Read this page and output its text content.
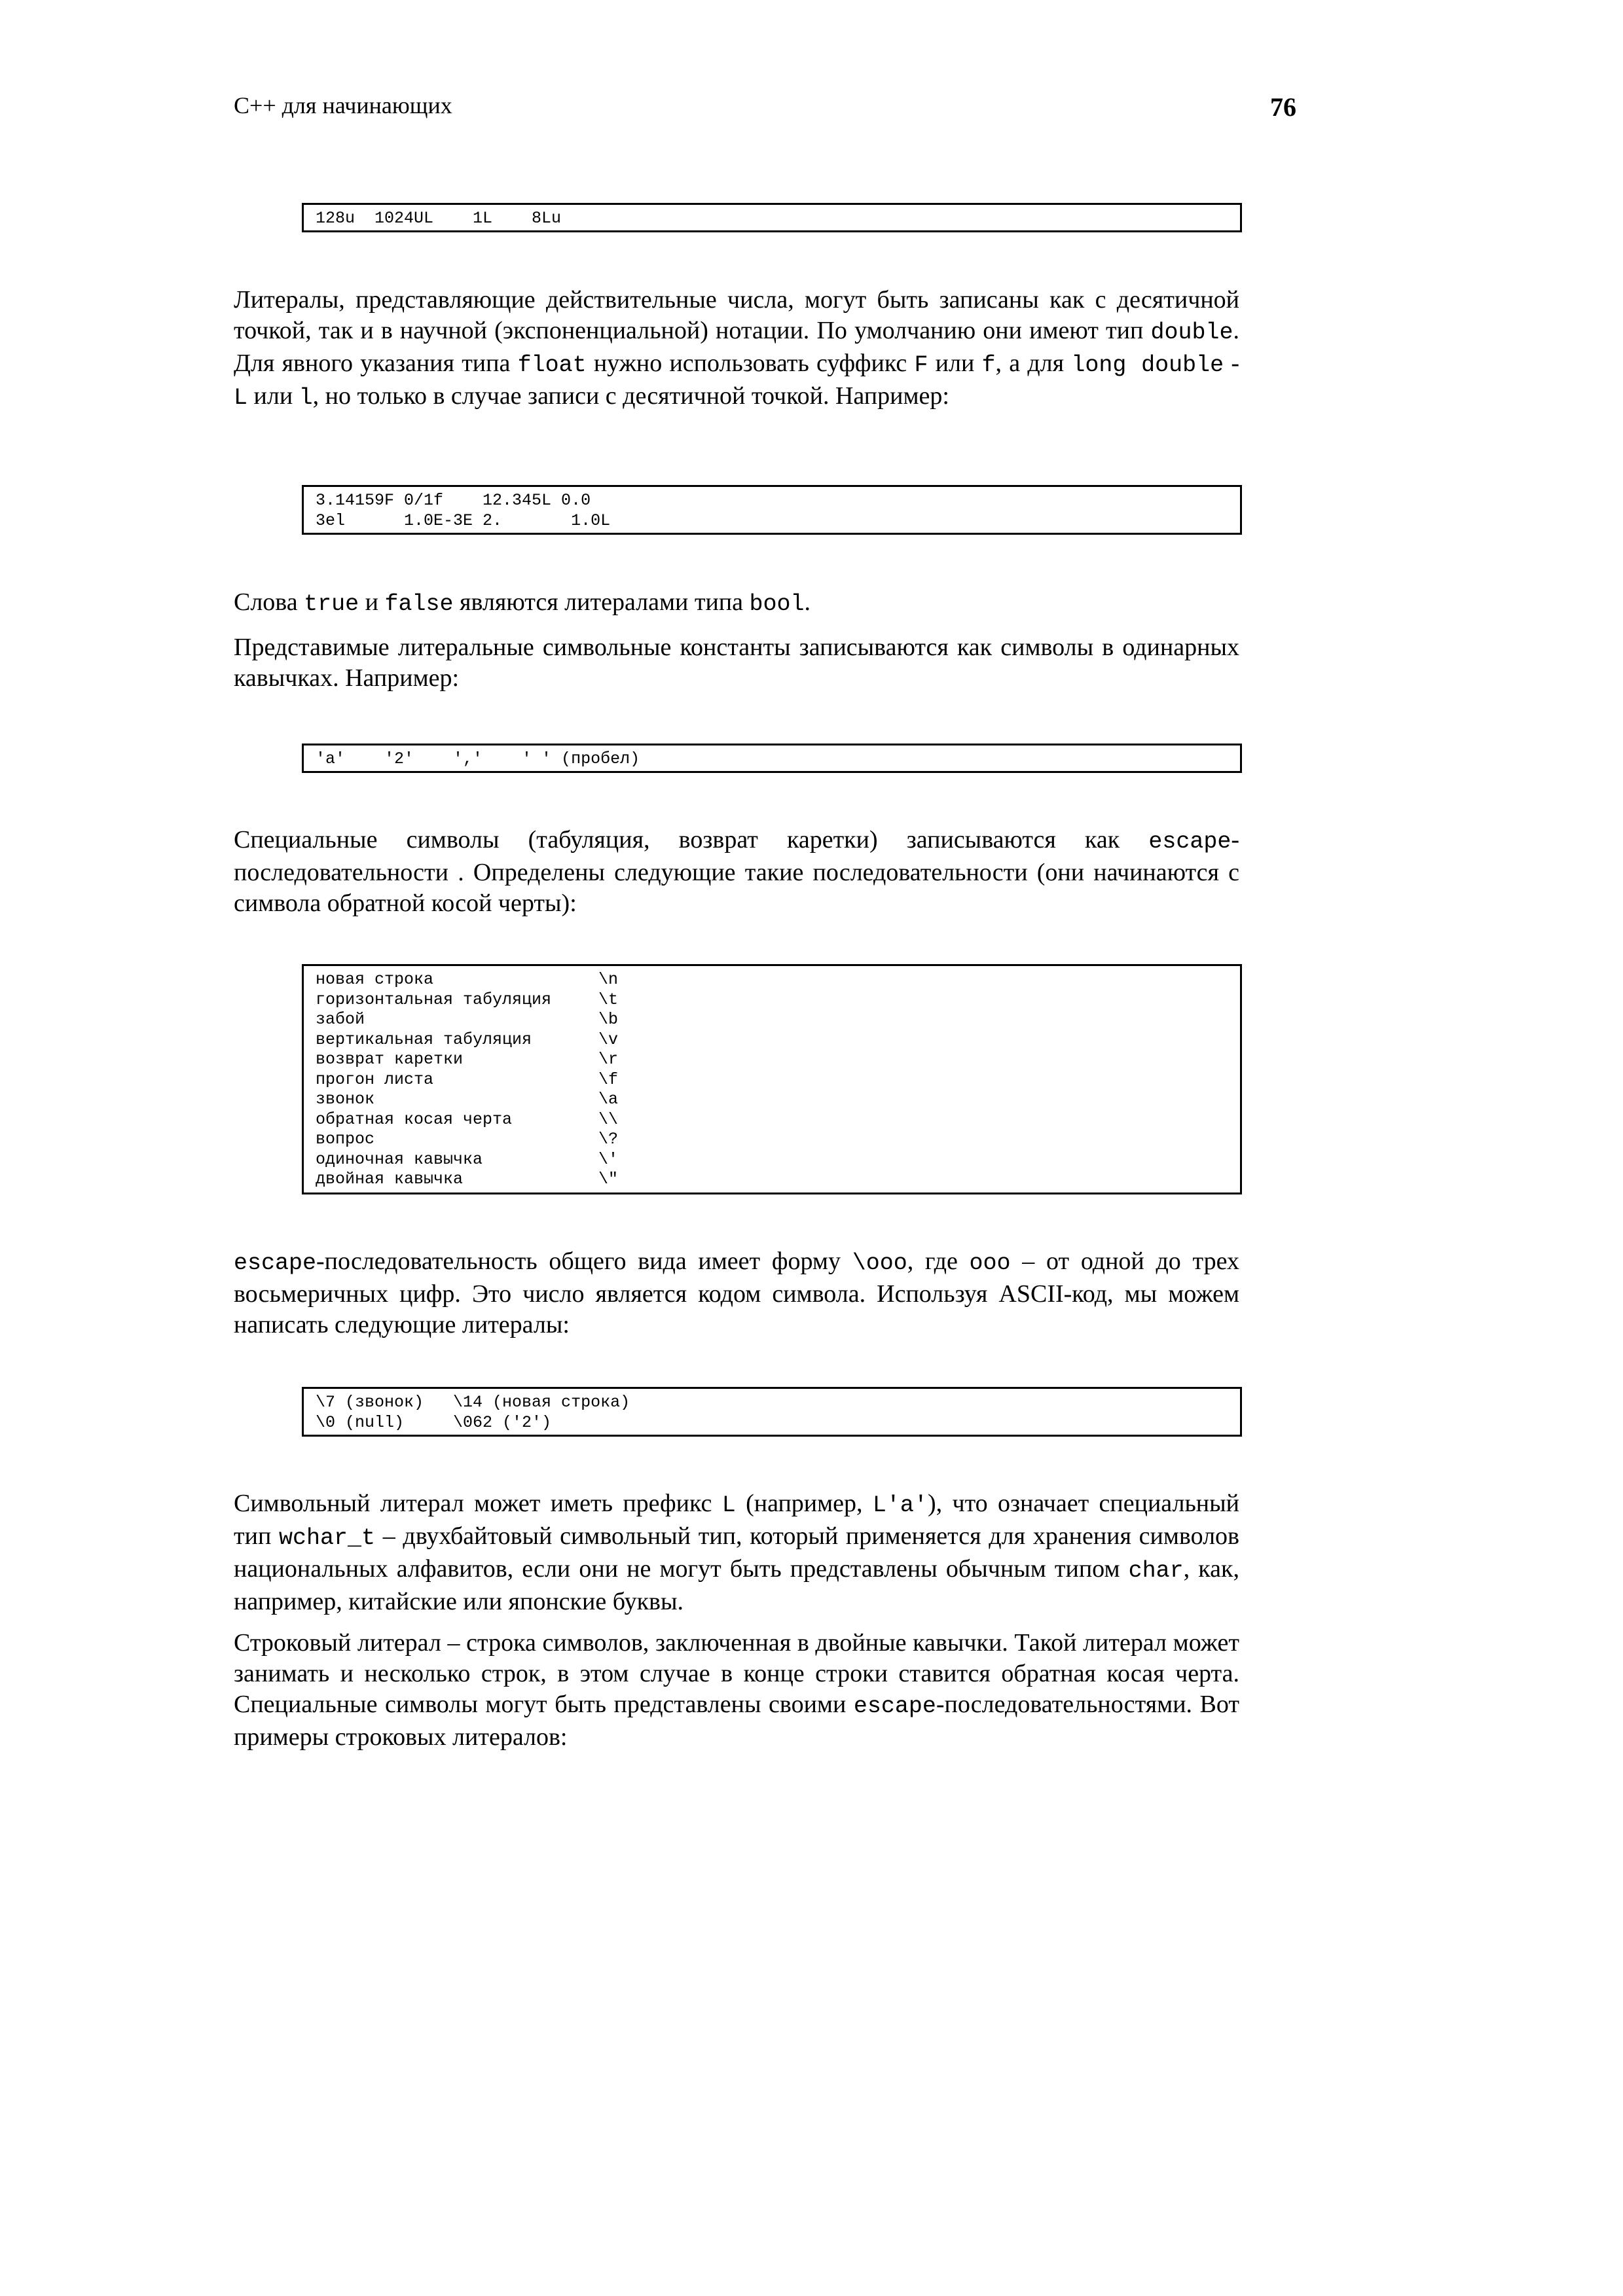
C++ для начинающих	76
128u  1024UL    1L    8Lu

Литералы, представляющие действительные числа, могут быть записаны как с десятичной точкой, так и в научной (экспоненциальной) нотации. По умолчанию они имеют тип double. Для явного указания типа float нужно использовать суффикс F или f, а для long double - L или l, но только в случае записи с десятичной точкой. Например:

3.14159F 0/1f    12.345L 0.0
3el      1.0E-3E 2.       1.0L

Слова true и false являются литералами типа bool.

Представимые литеральные символьные константы записываются как символы в одинарных кавычках. Например:

'a'    '2'    ','    ' ' (пробел)

Специальные символы (табуляция, возврат каретки) записываются как escape-последовательности . Определены следующие такие последовательности (они начинаются с символа обратной косой черты):

новая строка	\n
горизонтальная табуляция	\t
забой	\b
вертикальная табуляция	\v
возврат каретки	\r
прогон листа	\f
звонок	\a
обратная косая черта	\\
вопрос	\?
одиночная кавычка	\'
двойная кавычка	\"

escape-последовательность общего вида имеет форму \ooo, где ooo – от одной до трех восьмеричных цифр. Это число является кодом символа. Используя ASCII-код, мы можем написать следующие литералы:

\7 (звонок)   \14 (новая строка)
\0 (null)     \062 ('2')

Символьный литерал может иметь префикс L (например, L'a'), что означает специальный тип wchar_t – двухбайтовый символьный тип, который применяется для хранения символов национальных алфавитов, если они не могут быть представлены обычным типом char, как, например, китайские или японские буквы.

Строковый литерал – строка символов, заключенная в двойные кавычки. Такой литерал может занимать и несколько строк, в этом случае в конце строки ставится обратная косая черта. Специальные символы могут быть представлены своими escape-последовательностями. Вот примеры строковых литералов:
